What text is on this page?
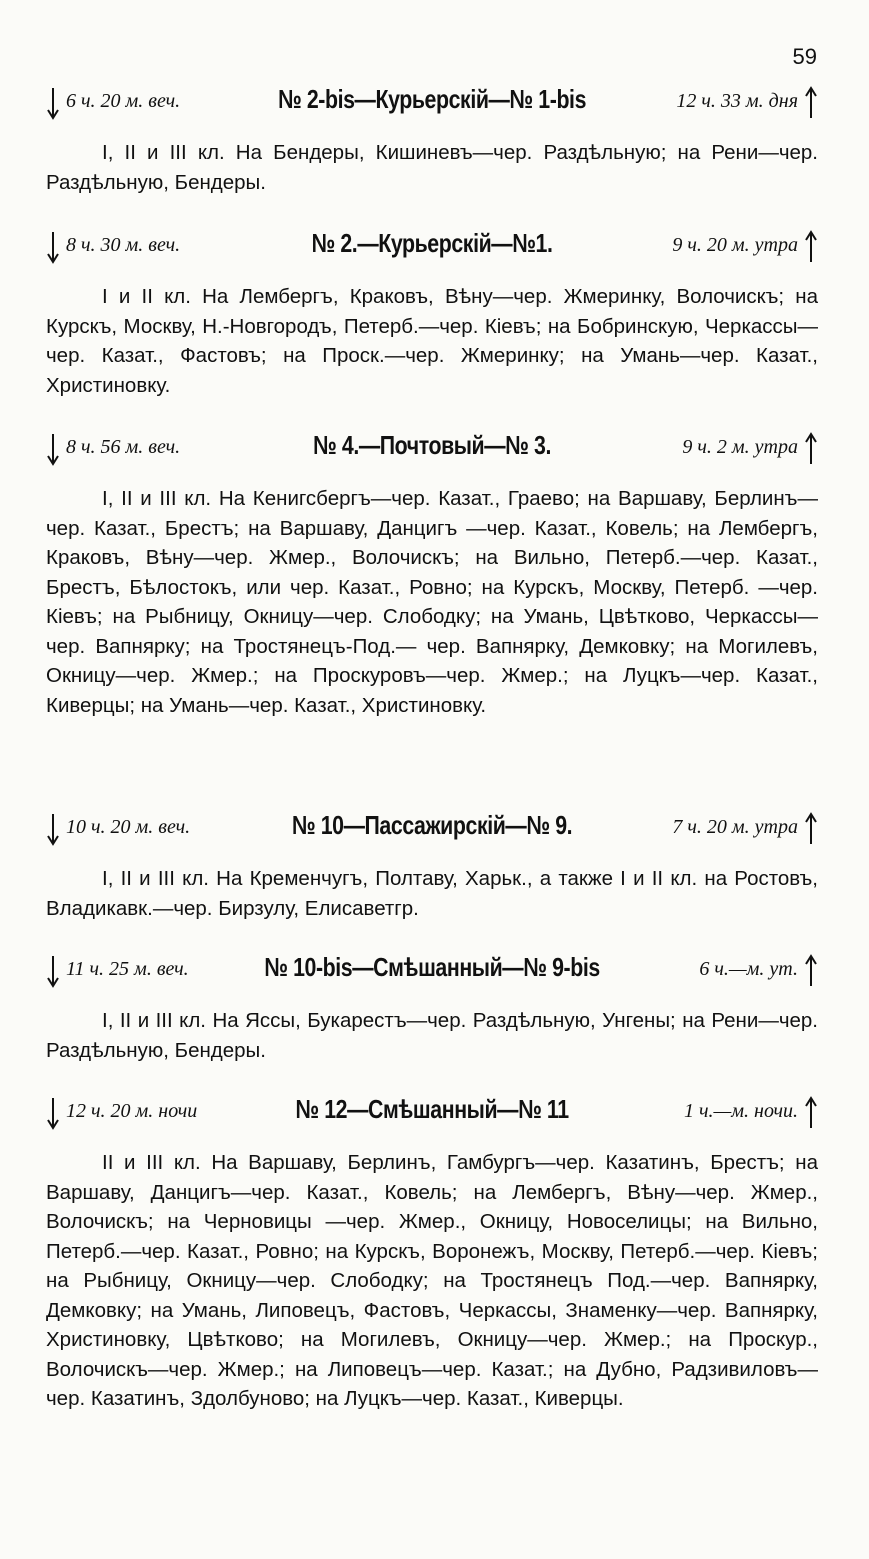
59
6 ч. 20 м. веч.	№ 2-bis—Курьерскій—№ 1-bis	12 ч. 33 м. дня
I, II и III кл. На Бендеры, Кишиневъ—чер. Раздѣльную; на Рени—чер. Раздѣльную, Бендеры.
8 ч. 30 м. веч.	№ 2.—Курьерскій—№1.	9 ч. 20 м. утра
I и II кл. На Лембергъ, Краковъ, Вѣну—чер. Жмеринку, Волочискъ; на Курскъ, Москву, Н.-Новгородъ, Петерб.—чер. Кіевъ; на Бобринскую, Черкассы—чер. Казат., Фастовъ; на Проск.—чер. Жмеринку; на Умань—чер. Казат., Христиновку.
8 ч. 56 м. веч.	№ 4.—Почтовый—№ 3.	9 ч. 2 м. утра
I, II и III кл. На Кенигсбергъ—чер. Казат., Граево; на Варшаву, Берлинъ—чер. Казат., Брестъ; на Варшаву, Данцигъ —чер. Казат., Ковель; на Лембергъ, Краковъ, Вѣну—чер. Жмер., Волочискъ; на Вильно, Петерб.—чер. Казат., Брестъ, Бѣлостокъ, или чер. Казат., Ровно; на Курскъ, Москву, Петерб. —чер. Кіевъ; на Рыбницу, Окницу—чер. Слободку; на Умань, Цвѣтково, Черкассы—чер. Вапнярку; на Тростянецъ-Под.— чер. Вапнярку, Демковку; на Могилевъ, Окницу—чер. Жмер.; на Проскуровъ—чер. Жмер.; на Луцкъ—чер. Казат., Киверцы; на Умань—чер. Казат., Христиновку.
10 ч. 20 м. веч.	№ 10—Пассажирскій—№ 9.	7 ч. 20 м. утра
I, II и III кл. На Кременчугъ, Полтаву, Харьк., а также I и II кл. на Ростовъ, Владикавк.—чер. Бирзулу, Елисаветгр.
11 ч. 25 м. веч.	№ 10-bis—Смѣшанный—№ 9-bis	6 ч.—м. ут.
I, II и III кл. На Яссы, Букарестъ—чер. Раздѣльную, Унгены; на Рени—чер. Раздѣльную, Бендеры.
12 ч. 20 м. ночи	№ 12—Смѣшанный—№ 11	1 ч.—м. ночи.
II и III кл. На Варшаву, Берлинъ, Гамбургъ—чер. Казатинъ, Брестъ; на Варшаву, Данцигъ—чер. Казат., Ковель; на Лембергъ, Вѣну—чер. Жмер., Волочискъ; на Черновицы —чер. Жмер., Окницу, Новоселицы; на Вильно, Петерб.—чер. Казат., Ровно; на Курскъ, Воронежъ, Москву, Петерб.—чер. Кіевъ; на Рыбницу, Окницу—чер. Слободку; на Тростянецъ Под.—чер. Вапнярку, Демковку; на Умань, Липовецъ, Фастовъ, Черкассы, Знаменку—чер. Вапнярку, Христиновку, Цвѣтково; на Могилевъ, Окницу—чер. Жмер.; на Проскур., Волочискъ—чер. Жмер.; на Липовецъ—чер. Казат.; на Дубно, Радзивиловъ—чер. Казатинъ, Здолбуново; на Луцкъ—чер. Казат., Киверцы.
